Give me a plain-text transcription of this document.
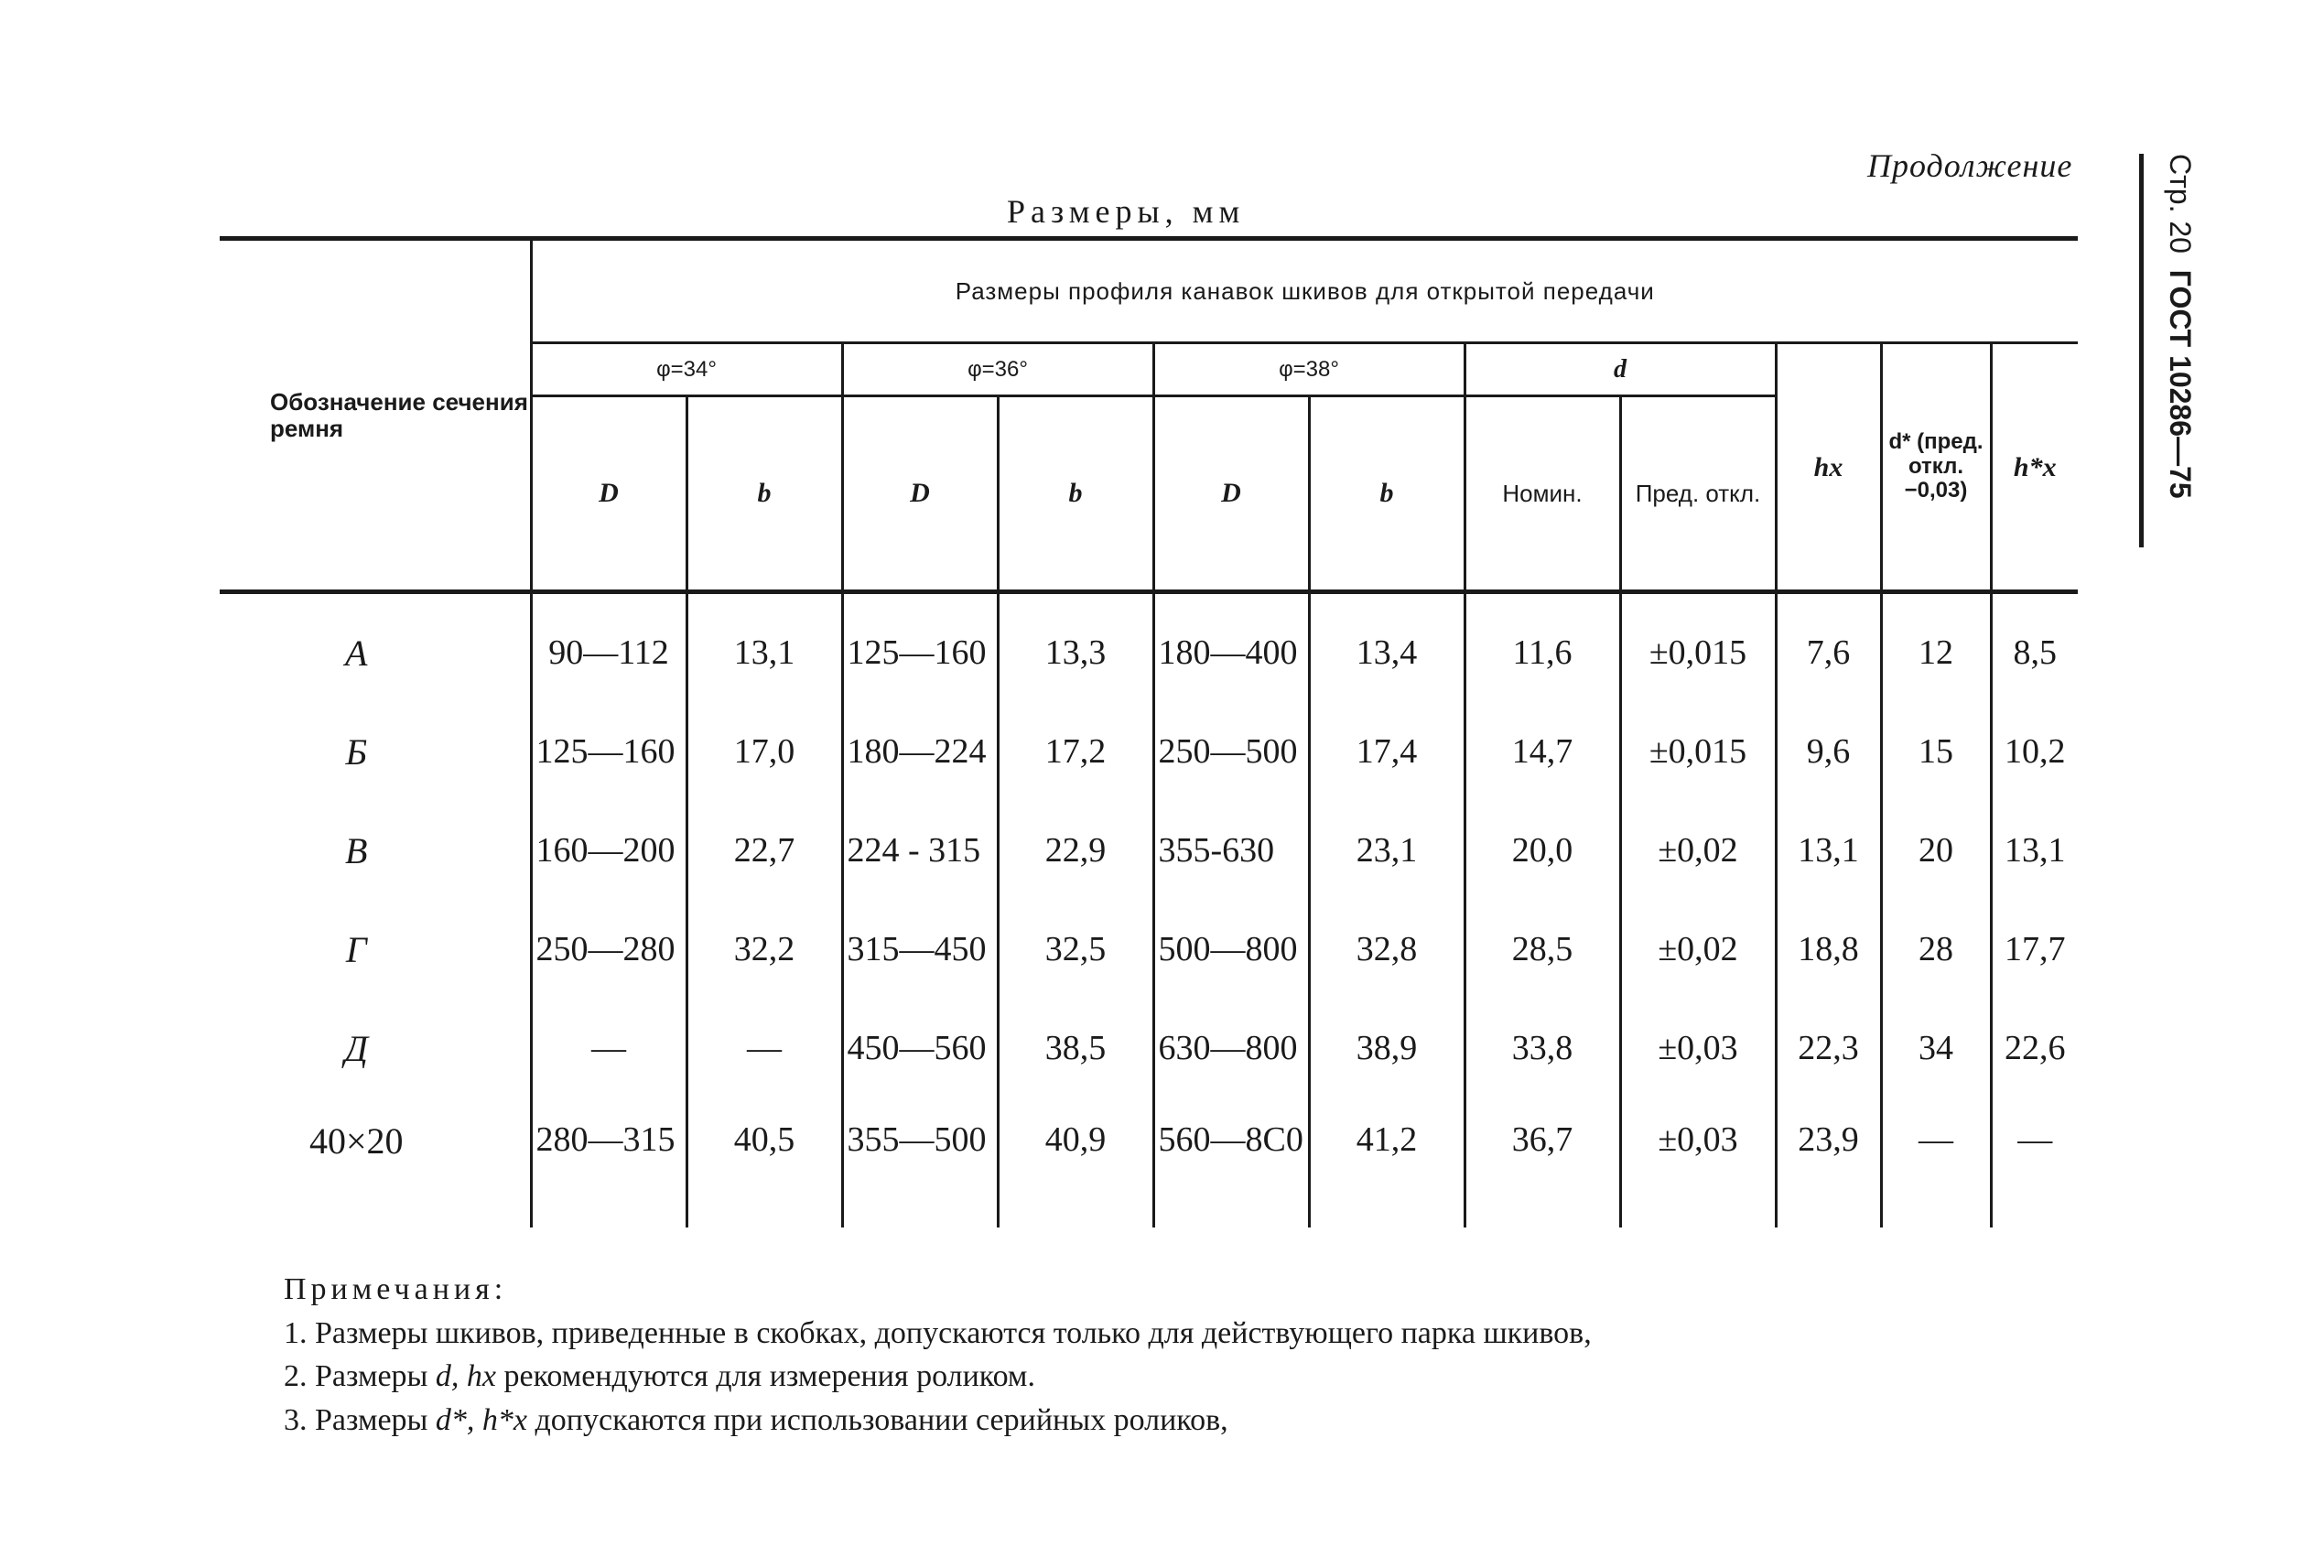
Продолжение
Размеры, мм	Стр. 20  ГОСТ 10286—75
Обозначение сечения ремня	Размеры профиля канавок шкивов для открытой передачи										
	φ=34°		φ=36°		φ=38°		d		hx	d* (пред. откл. −0,03)	h*x
	D	b	D	b	D	b	Номин.	Пред. откл.			
А	90—112	13,1	125—160	13,3	180—400	13,4	11,6	±0,015	7,6	12	8,5
Б	125—160	17,0	180—224	17,2	250—500	17,4	14,7	±0,015	9,6	15	10,2
В	160—200	22,7	224 - 315	22,9	355-630	23,1	20,0	±0,02	13,1	20	13,1
Г	250—280	32,2	315—450	32,5	500—800	32,8	28,5	±0,02	18,8	28	17,7
Д	—	—	450—560	38,5	630—800	38,9	33,8	±0,03	22,3	34	22,6
40×20	280—315	40,5	355—500	40,9	560—8С0	41,2	36,7	±0,03	23,9	—	—
Примечания:
1. Размеры шкивов, приведенные в скобках, допускаются только для действующего парка шкивов,
2. Размеры d, hx рекомендуются для измерения роликом.
3. Размеры d*, h*x допускаются при использовании серийных роликов,
